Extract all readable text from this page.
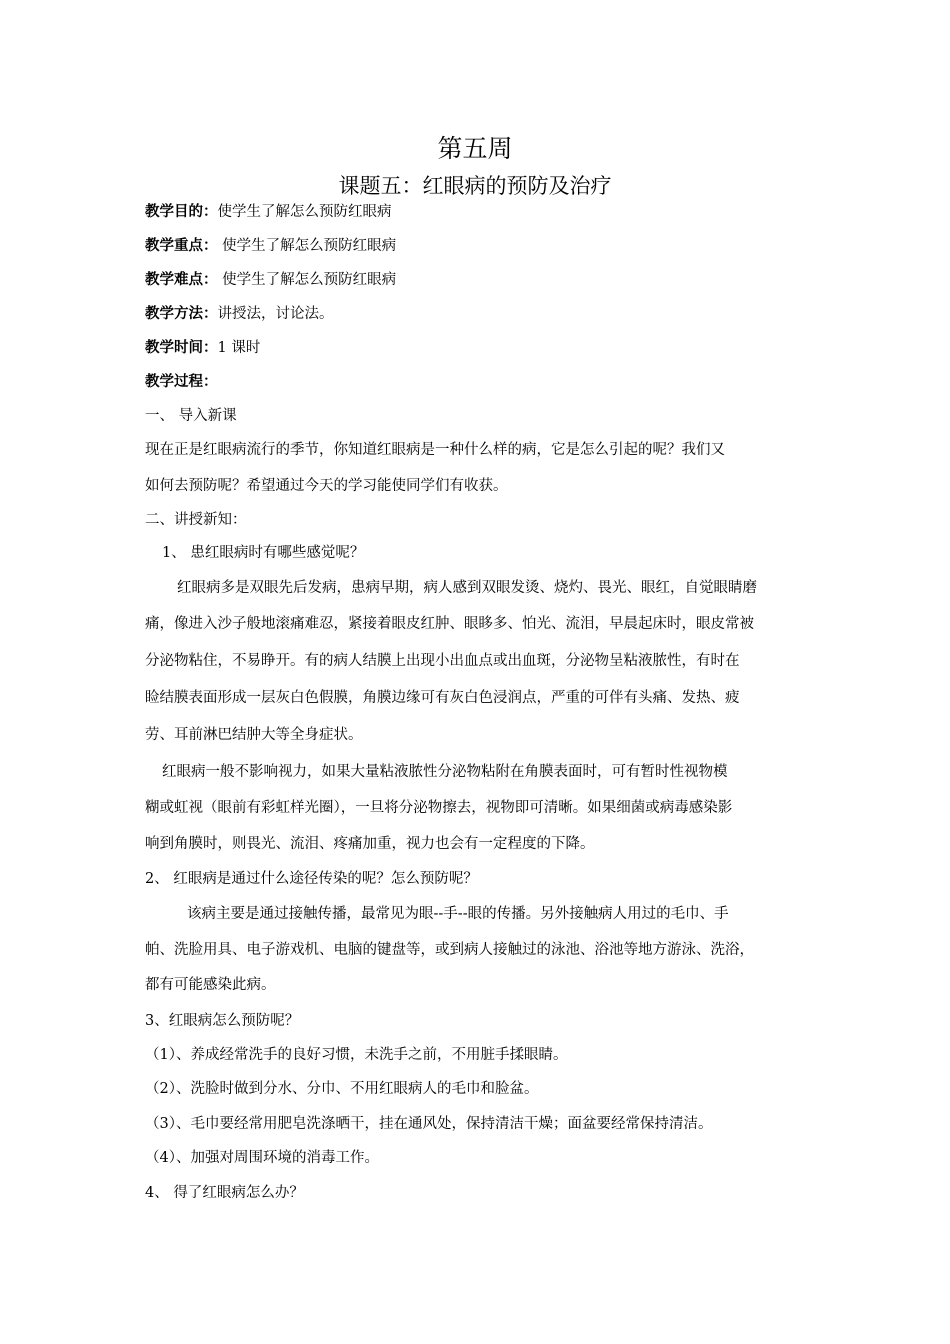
第五周
课题五：红眼病的预防及治疗
教学目的：使学生了解怎么预防红眼病
教学重点： 使学生了解怎么预防红眼病
教学难点： 使学生了解怎么预防红眼病
教学方法：讲授法，讨论法。
教学时间：1 课时
教学过程：
一、 导入新课
现在正是红眼病流行的季节，你知道红眼病是一种什么样的病，它是怎么引起的呢？我们又
如何去预防呢？希望通过今天的学习能使同学们有收获。
二、讲授新知：
1、 患红眼病时有哪些感觉呢？
红眼病多是双眼先后发病，患病早期，病人感到双眼发烫、烧灼、畏光、眼红，自觉眼睛磨
痛，像进入沙子般地滚痛难忍，紧接着眼皮红肿、眼眵多、怕光、流泪，早晨起床时，眼皮常被
分泌物粘住，不易睁开。有的病人结膜上出现小出血点或出血斑，分泌物呈粘液脓性，有时在
睑结膜表面形成一层灰白色假膜，角膜边缘可有灰白色浸润点，严重的可伴有头痛、发热、疲
劳、耳前淋巴结肿大等全身症状。
红眼病一般不影响视力，如果大量粘液脓性分泌物粘附在角膜表面时，可有暂时性视物模
糊或虹视（眼前有彩虹样光圈），一旦将分泌物擦去，视物即可清晰。如果细菌或病毒感染影
响到角膜时，则畏光、流泪、疼痛加重，视力也会有一定程度的下降。
2、 红眼病是通过什么途径传染的呢？怎么预防呢？
该病主要是通过接触传播，最常见为眼--手--眼的传播。另外接触病人用过的毛巾、手
帕、洗脸用具、电子游戏机、电脑的键盘等，或到病人接触过的泳池、浴池等地方游泳、洗浴，
都有可能感染此病。
3、红眼病怎么预防呢？
（1）、养成经常洗手的良好习惯，未洗手之前，不用脏手揉眼睛。
（2）、洗脸时做到分水、分巾、不用红眼病人的毛巾和脸盆。
（3）、毛巾要经常用肥皂洗涤晒干，挂在通风处，保持清洁干燥；面盆要经常保持清洁。
（4）、加强对周围环境的消毒工作。
4、 得了红眼病怎么办？
